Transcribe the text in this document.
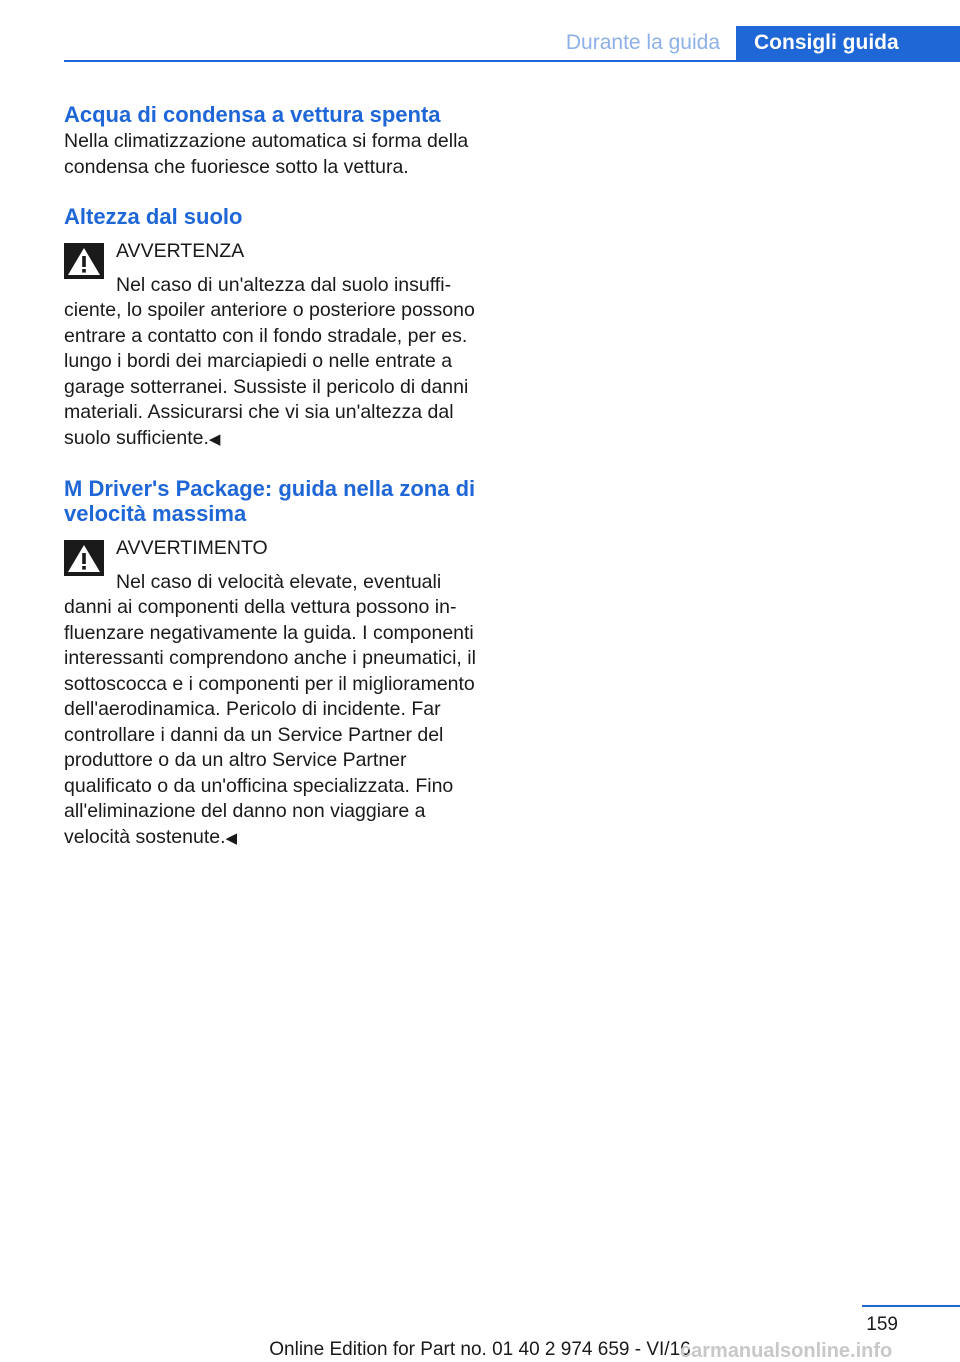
Durante la guida	Consigli guida
Acqua di condensa a vettura spenta

Nella climatizzazione automatica si forma della condensa che fuoriesce sotto la vettura.

Altezza dal suolo
AVVERTENZA

Nel caso di un'altezza dal suolo insufficiente, lo spoiler anteriore o posteriore possono entrare a contatto con il fondo stradale, per es. lungo i bordi dei marciapiedi o nelle entrate a garage sotterranei. Sussiste il pericolo di danni materiali. Assicurarsi che vi sia un'altezza dal suolo sufficiente.◀

M Driver's Package: guida nella zona di velocità massima
AVVERTIMENTO

Nel caso di velocità elevate, eventuali danni ai componenti della vettura possono influenzare negativamente la guida. I componenti interessanti comprendono anche i pneumatici, il sottoscocca e i componenti per il miglioramento dell'aerodinamica. Pericolo di incidente. Far controllare i danni da un Service Partner del produttore o da un altro Service Partner qualificato o da un'officina specializzata. Fino all'eliminazione del danno non viaggiare a velocità sostenute.◀

159
Online Edition for Part no. 01 40 2 974 659 - VI/16
carmanualsonline.info
